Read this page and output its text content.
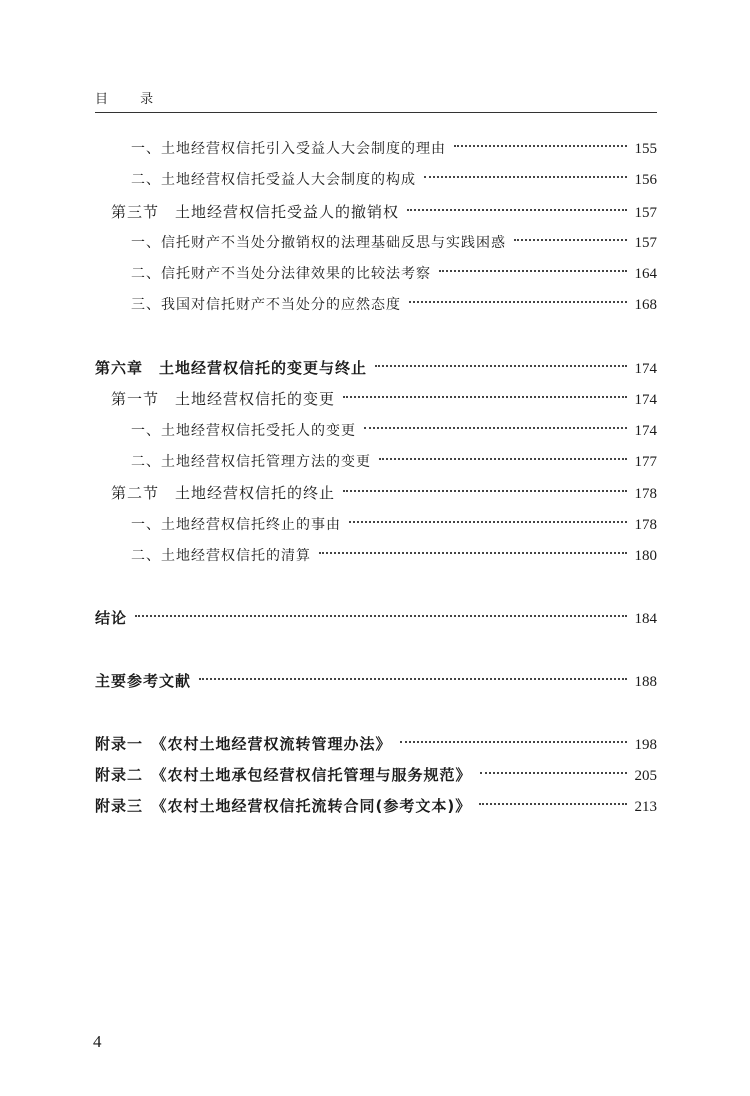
目 录
一、土地经营权信托引入受益人大会制度的理由	155
二、土地经营权信托受益人大会制度的构成	156
第三节　土地经营权信托受益人的撤销权	157
一、信托财产不当处分撤销权的法理基础反思与实践困惑	157
二、信托财产不当处分法律效果的比较法考察	164
三、我国对信托财产不当处分的应然态度	168
第六章　土地经营权信托的变更与终止	174
第一节　土地经营权信托的变更	174
一、土地经营权信托受托人的变更	174
二、土地经营权信托管理方法的变更	177
第二节　土地经营权信托的终止	178
一、土地经营权信托终止的事由	178
二、土地经营权信托的清算	180
结论	184
主要参考文献	188
附录一　《农村土地经营权流转管理办法》	198
附录二　《农村土地承包经营权信托管理与服务规范》	205
附录三　《农村土地经营权信托流转合同(参考文本)》	213
4
